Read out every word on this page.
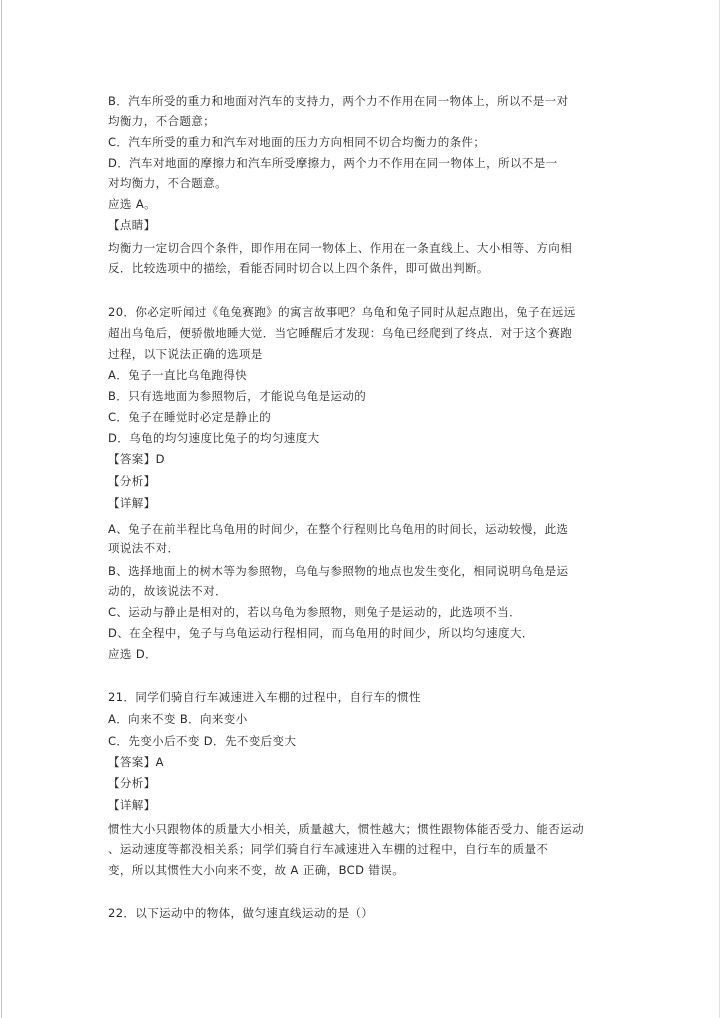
B．汽车所受的重力和地面对汽车的支持力，两个力不作用在同一物体上，所以不是一对

均衡力，不合题意；

C．汽车所受的重力和汽车对地面的压力方向相同不切合均衡力的条件；

D．汽车对地面的摩擦力和汽车所受摩擦力，两个力不作用在同一物体上，所以不是一

对均衡力，不合题意。

应选 A。

【点睛】

均衡力一定切合四个条件，即作用在同一物体上、作用在一条直线上、大小相等、方向相

反．比较选项中的描绘，看能否同时切合以上四个条件，即可做出判断。

20．你必定听闻过《龟兔赛跑》的寓言故事吧？乌龟和兔子同时从起点跑出，兔子在远远

超出乌龟后，便骄傲地睡大觉．当它睡醒后才发现：乌龟已经爬到了终点．对于这个赛跑

过程，以下说法正确的选项是

A．兔子一直比乌龟跑得快

B．只有选地面为参照物后，才能说乌龟是运动的

C．兔子在睡觉时必定是静止的

D．乌龟的均匀速度比兔子的均匀速度大

【答案】D

【分析】

【详解】

A、兔子在前半程比乌龟用的时间少，在整个行程则比乌龟用的时间长，运动较慢，此选

项说法不对．

B、选择地面上的树木等为参照物，乌龟与参照物的地点也发生变化，相同说明乌龟是运

动的，故该说法不对．

C、运动与静止是相对的，若以乌龟为参照物，则兔子是运动的，此选项不当．

D、在全程中，兔子与乌龟运动行程相同，而乌龟用的时间少，所以均匀速度大．

应选 D．

21．同学们骑自行车减速进入车棚的过程中，自行车的惯性

A．向来不变 B．向来变小

C．先变小后不变 D．先不变后变大

【答案】A

【分析】

【详解】

惯性大小只跟物体的质量大小相关，质量越大，惯性越大；惯性跟物体能否受力、能否运动

、运动速度等都没相关系；同学们骑自行车减速进入车棚的过程中，自行车的质量不

变，所以其惯性大小向来不变，故 A 正确，BCD 错误。

22．以下运动中的物体，做匀速直线运动的是（）
